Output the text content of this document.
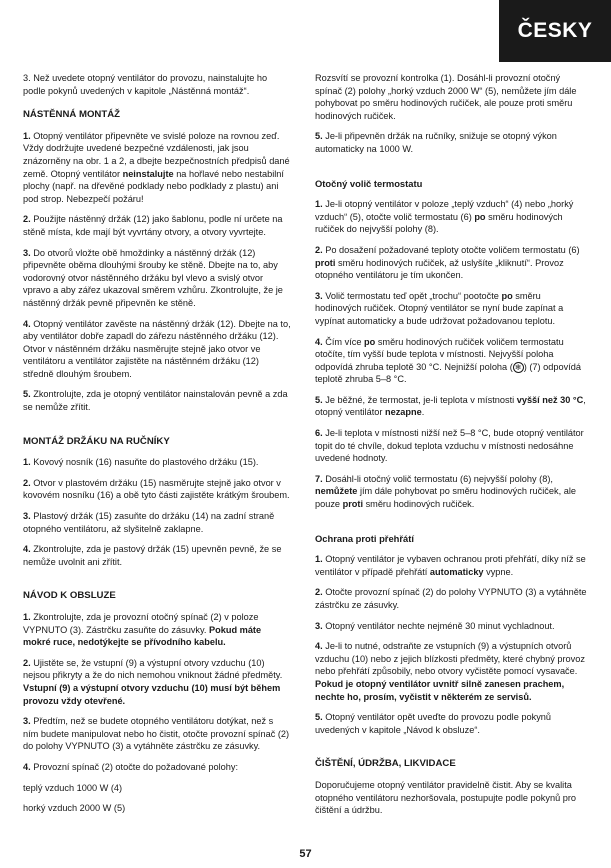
ČESKY

3. Než uvedete otopný ventilátor do provozu, nainstalujte ho podle pokynů uvedených v kapitole „Nástěnná montáž“.

NÁSTĚNNÁ MONTÁŽ

1. Otopný ventilátor připevněte ve svislé poloze na rovnou zeď. Vždy dodržujte uvedené bezpečné vzdálenosti, jak jsou znázorněny na obr. 1 a 2, a dbejte bezpečnostních předpisů dané země. Otopný ventilátor neinstalujte na hořlavé nebo nestabilní plochy (např. na dřevěné podklady nebo podklady z plastu) ani pod strop. Nebezpečí požáru!

2. Použijte nástěnný držák (12) jako šablonu, podle ní určete na stěně místa, kde mají být vyvrtány otvory, a otvory vyvrtejte.

3. Do otvorů vložte obě hmoždinky a nástěnný držák (12) připevněte oběma dlouhými šrouby ke stěně. Dbejte na to, aby vodorovný otvor nástěnného držáku byl vlevo a svislý otvor vpravo a aby zářez ukazoval směrem vzhůru. Zkontrolujte, že je nástěnný držák pevně připevněn ke stěně.

4. Otopný ventilátor zavěste na nástěnný držák (12). Dbejte na to, aby ventilátor dobře zapadl do zářezu nástěnného držáku (12). Otvor v nástěnném držáku nasměrujte stejně jako otvor ve ventilátoru a ventilátor zajistěte na nástěnném držáku (12) středně dlouhým šroubem.

5. Zkontrolujte, zda je otopný ventilátor nainstalován pevně a zda se nemůže zřítit.

MONTÁŽ DRŽÁKU NA RUČNÍKY

1. Kovový nosník (16) nasuňte do plastového držáku (15).

2. Otvor v plastovém držáku (15) nasměrujte stejně jako otvor v kovovém nosníku (16) a obě tyto části zajistěte krátkým šroubem.

3. Plastový držák (15) zasuňte do držáku (14) na zadní straně otopného ventilátoru, až slyšitelně zaklapne.

4. Zkontrolujte, zda je pastový držák (15) upevněn pevně, že se nemůže uvolnit ani zřítit.

NÁVOD K OBSLUZE

1. Zkontrolujte, zda je provozní otočný spínač (2) v poloze VYPNUTO (3). Zástrčku zasuňte do zásuvky. Pokud máte mokré ruce, nedotýkejte se přívodního kabelu.

2. Ujistěte se, že vstupní (9) a výstupní otvory vzduchu (10) nejsou přikryty a že do nich nemohou vniknout žádné předměty. Vstupní (9) a výstupní otvory vzduchu (10) musí být během provozu vždy otevřené.

3. Předtím, než se budete otopného ventilátoru dotýkat, než s ním budete manipulovat nebo ho čistit, otočte provozní spínač (2) do polohy VYPNUTO (3) a vytáhněte zástrčku ze zásuvky.

4. Provozní spínač (2) otočte do požadované polohy:

teplý vzduch 1000 W (4)

horký vzduch 2000 W (5)

Rozsvítí se provozní kontrolka (1). Dosáhl-li provozní otočný spínač (2) polohy „horký vzduch 2000 W“ (5), nemůžete jím dále pohybovat po směru hodinových ručiček, ale pouze proti směru hodinových ručiček.

5. Je-li připevněn držák na ručníky, snižuje se otopný výkon automaticky na 1000 W.

Otočný volič termostatu

1. Je-li otopný ventilátor v poloze „teplý vzduch“ (4) nebo „horký vzduch“ (5), otočte volič termostatu (6) po směru hodinových ručiček do nejvyšší polohy (8).

2. Po dosažení požadované teploty otočte voličem termostatu (6) proti směru hodinových ručiček, až uslyšíte „kliknutí“. Provoz otopného ventilátoru je tím ukončen.

3. Volič termostatu teď opět „trochu“ pootočte po směru hodinových ručiček. Otopný ventilátor se nyní bude zapínat a vypínat automaticky a bude udržovat požadovanou teplotu.

4. Čím více po směru hodinových ručiček voličem termostatu otočíte, tím vyšší bude teplota v místnosti. Nejvyšší poloha odpovídá zhruba teplotě 30 °C. Nejnižší poloha ( ❄ ) (7) odpovídá teplotě zhruba 5–8 °C.

5. Je běžné, že termostat, je-li teplota v místnosti vyšší než 30 °C, otopný ventilátor nezapne.

6. Je-li teplota v místnosti nižší než 5–8 °C, bude otopný ventilátor topit do té chvíle, dokud teplota vzduchu v místnosti nedosáhne uvedené hodnoty.

7. Dosáhl-li otočný volič termostatu (6) nejvyšší polohy (8), nemůžete jím dále pohybovat po směru hodinových ručiček, ale pouze proti směru hodinových ručiček.

Ochrana proti přehřátí

1. Otopný ventilátor je vybaven ochranou proti přehřátí, díky níž se ventilátor v případě přehřátí automaticky vypne.

2. Otočte provozní spínač (2) do polohy VYPNUTO (3) a vytáhněte zástrčku ze zásuvky.

3. Otopný ventilátor nechte nejméně 30 minut vychladnout.

4. Je-li to nutné, odstraňte ze vstupních (9) a výstupních otvorů vzduchu (10) nebo z jejich blízkosti předměty, které chybný provoz nebo přehřátí způsobily, nebo otvory vyčistěte pomocí vysavače. Pokud je otopný ventilátor uvnitř silně zanesen prachem, nechte ho, prosím, vyčistit v některém ze servisů.

5. Otopný ventilátor opět uveďte do provozu podle pokynů uvedených v kapitole „Návod k obsluze“.

ČIŠTĚNÍ, ÚDRŽBA, LIKVIDACE

Doporučujeme otopný ventilátor pravidelně čistit. Aby se kvalita otopného ventilátoru nezhoršovala, postupujte podle pokynů pro čištění a údržbu.

57
